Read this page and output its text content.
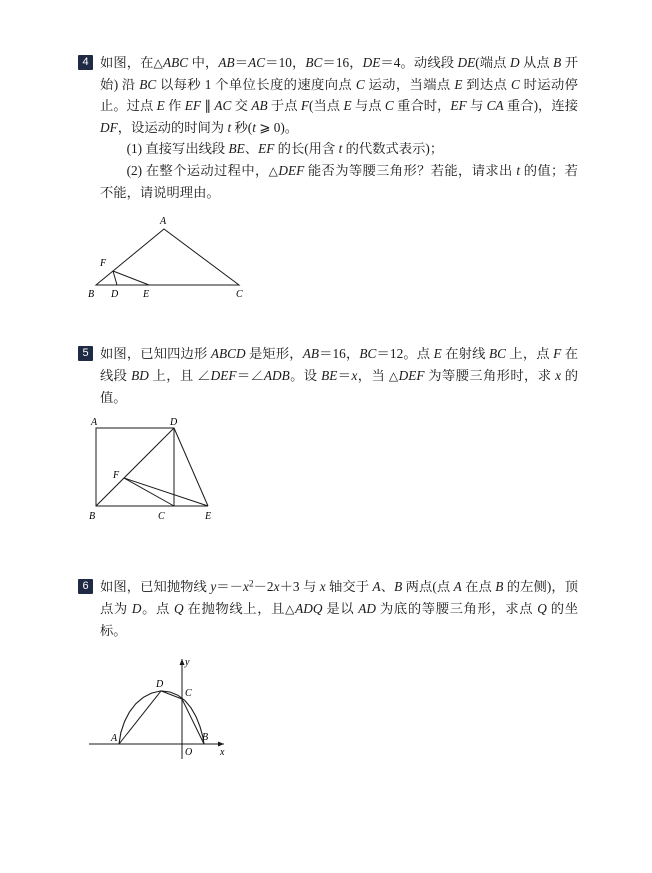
4 如图，在 △ ABC 中，AB＝AC＝10，BC＝16，DE＝4。动线段 DE(端点 D 从点 B 开始) 沿 BC 以每秒 1 个单位长度的速度向点 C 运动，当端点 E 到达点 C 时运动停止。过点 E 作 EF ∥ AC 交 AB 于点 F(当点 E 与点 C 重合时，EF 与 CA 重合)，连接 DF，设运动的时间为 t 秒(t ⩾ 0)。

(1) 直接写出线段 BE、EF 的长(用含 t 的代数式表示)；

(2) 在整个运动过程中， △ DEF 能否为等腰三角形？若能，请求出 t 的值；若不能，请说明理由。

A
F
B D E	C
5 如图，已知四边形 ABCD 是矩形，AB＝16，BC＝12。点 E 在射线 BC 上，点 F 在线段 BD 上，且 ∠DEF＝∠ADB。设 BE＝x，当 △ DEF 为等腰三角形时，求 x 的值。

A	D
F
B	C	E
6 如图，已知抛物线 $y=-x^2-2x+3$ 与 x 轴交于 A、B 两点(点 A 在点 B 的左侧)，顶点为 D。点 Q 在抛物线上，且 △ ADQ 是以 AD 为底的等腰三角形，求点 Q 的坐标。

D
y
C
A	B
O	x
